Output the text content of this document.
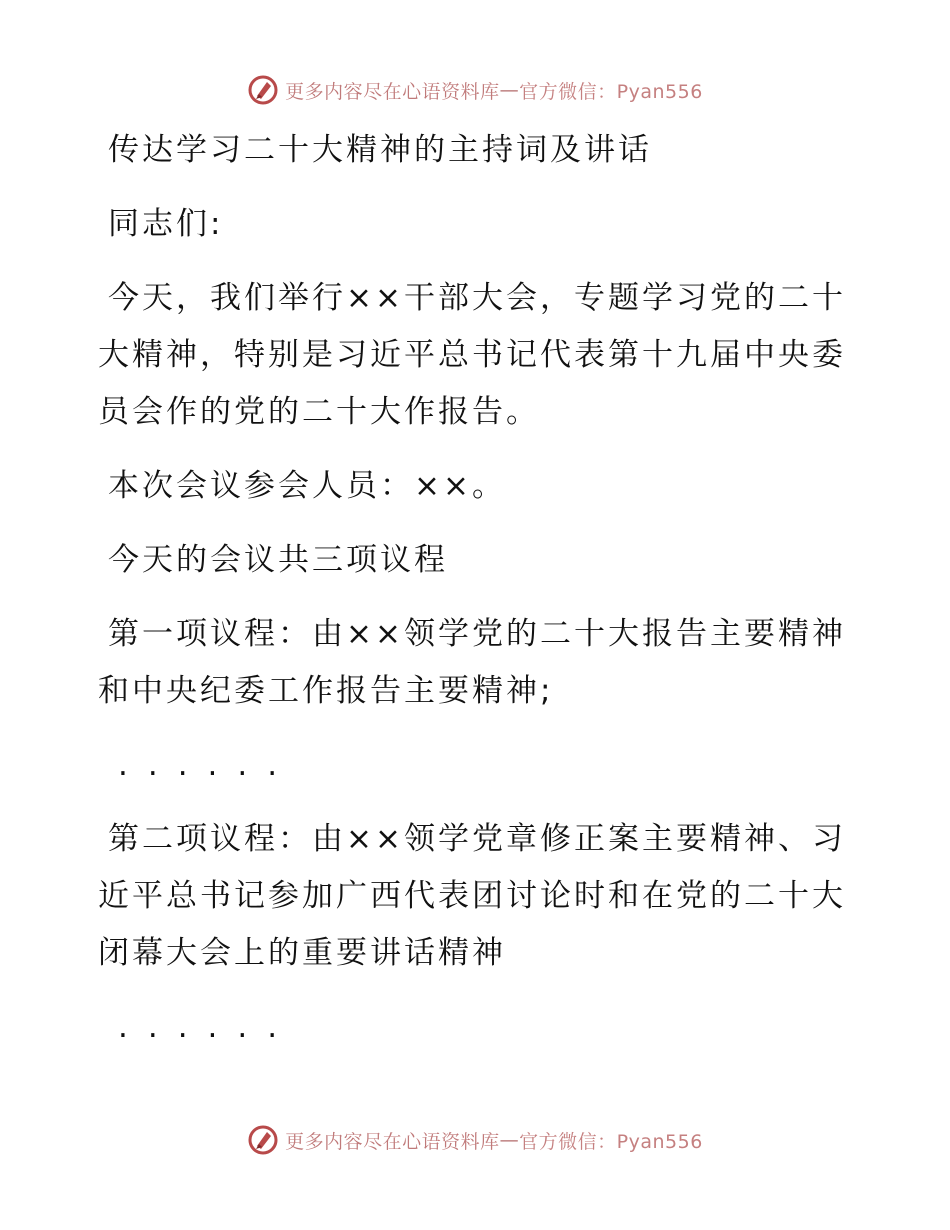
更多内容尽在心语资料库 — 官方微信：Pyan556

传达学习二十大精神的主持词及讲话

同志们:

今天，我们举行××干部大会，专题学习党的二十大精神，特别是习近平总书记代表第十九届中央委员会作的党的二十大作报告。

本次会议参会人员：××。

今天的会议共三项议程

第一项议程：由××领学党的二十大报告主要精神和中央纪委工作报告主要精神;

......

第二项议程：由××领学党章修正案主要精神、习近平总书记参加广西代表团讨论时和在党的二十大闭幕大会上的重要讲话精神

......

更多内容尽在心语资料库 — 官方微信：Pyan556
